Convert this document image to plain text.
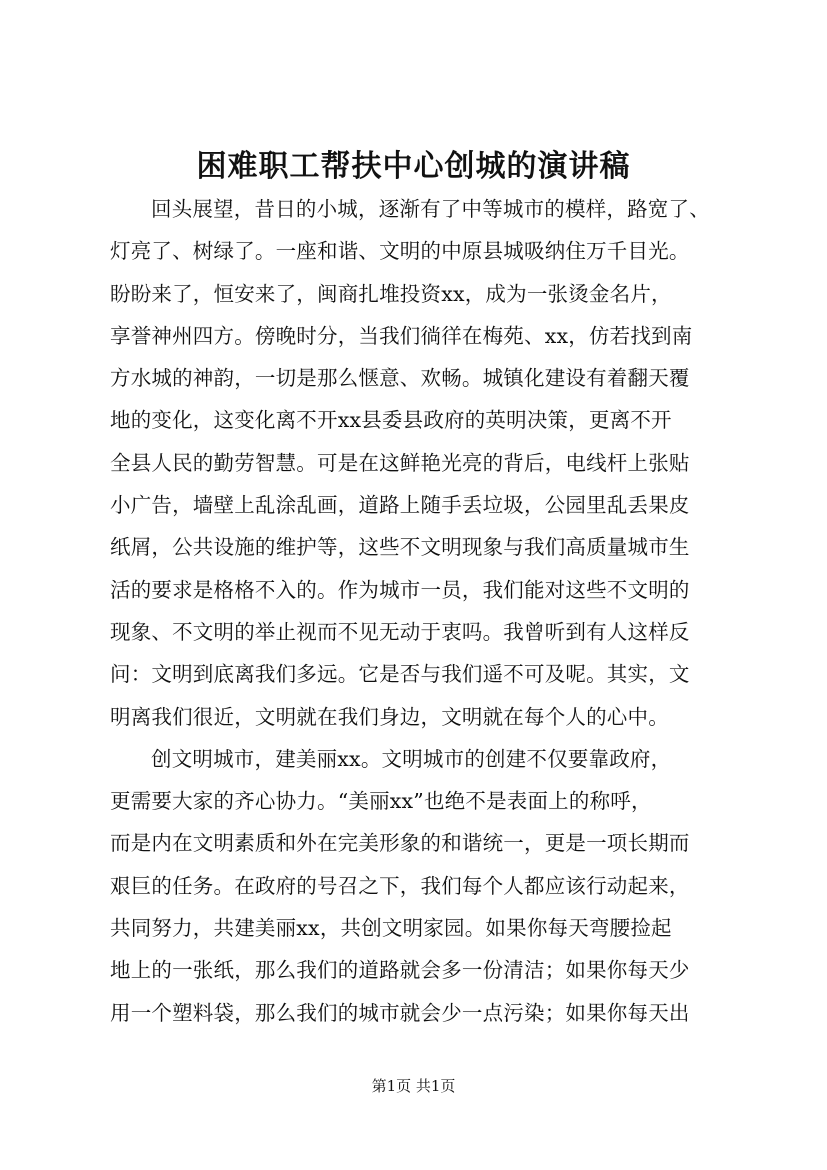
困难职工帮扶中心创城的演讲稿
回头展望，昔日的小城，逐渐有了中等城市的模样，路宽了、
灯亮了、树绿了。一座和谐、文明的中原县城吸纳住万千目光。
盼盼来了，恒安来了，闽商扎堆投资xx，成为一张烫金名片，
享誉神州四方。傍晚时分，当我们徜徉在梅苑、xx，仿若找到南
方水城的神韵，一切是那么惬意、欢畅。城镇化建设有着翻天覆
地的变化，这变化离不开xx县委县政府的英明决策，更离不开
全县人民的勤劳智慧。可是在这鲜艳光亮的背后，电线杆上张贴
小广告，墙壁上乱涂乱画，道路上随手丢垃圾，公园里乱丢果皮
纸屑，公共设施的维护等，这些不文明现象与我们高质量城市生
活的要求是格格不入的。作为城市一员，我们能对这些不文明的
现象、不文明的举止视而不见无动于衷吗。我曾听到有人这样反
问：文明到底离我们多远。它是否与我们遥不可及呢。其实，文
明离我们很近，文明就在我们身边，文明就在每个人的心中。
创文明城市，建美丽xx。文明城市的创建不仅要靠政府，
更需要大家的齐心协力。“美丽xx”也绝不是表面上的称呼，
而是内在文明素质和外在完美形象的和谐统一，更是一项长期而
艰巨的任务。在政府的号召之下，我们每个人都应该行动起来，
共同努力，共建美丽xx，共创文明家园。如果你每天弯腰捡起
地上的一张纸，那么我们的道路就会多一份清洁；如果你每天少
用一个塑料袋，那么我们的城市就会少一点污染；如果你每天出
第1页 共1页
